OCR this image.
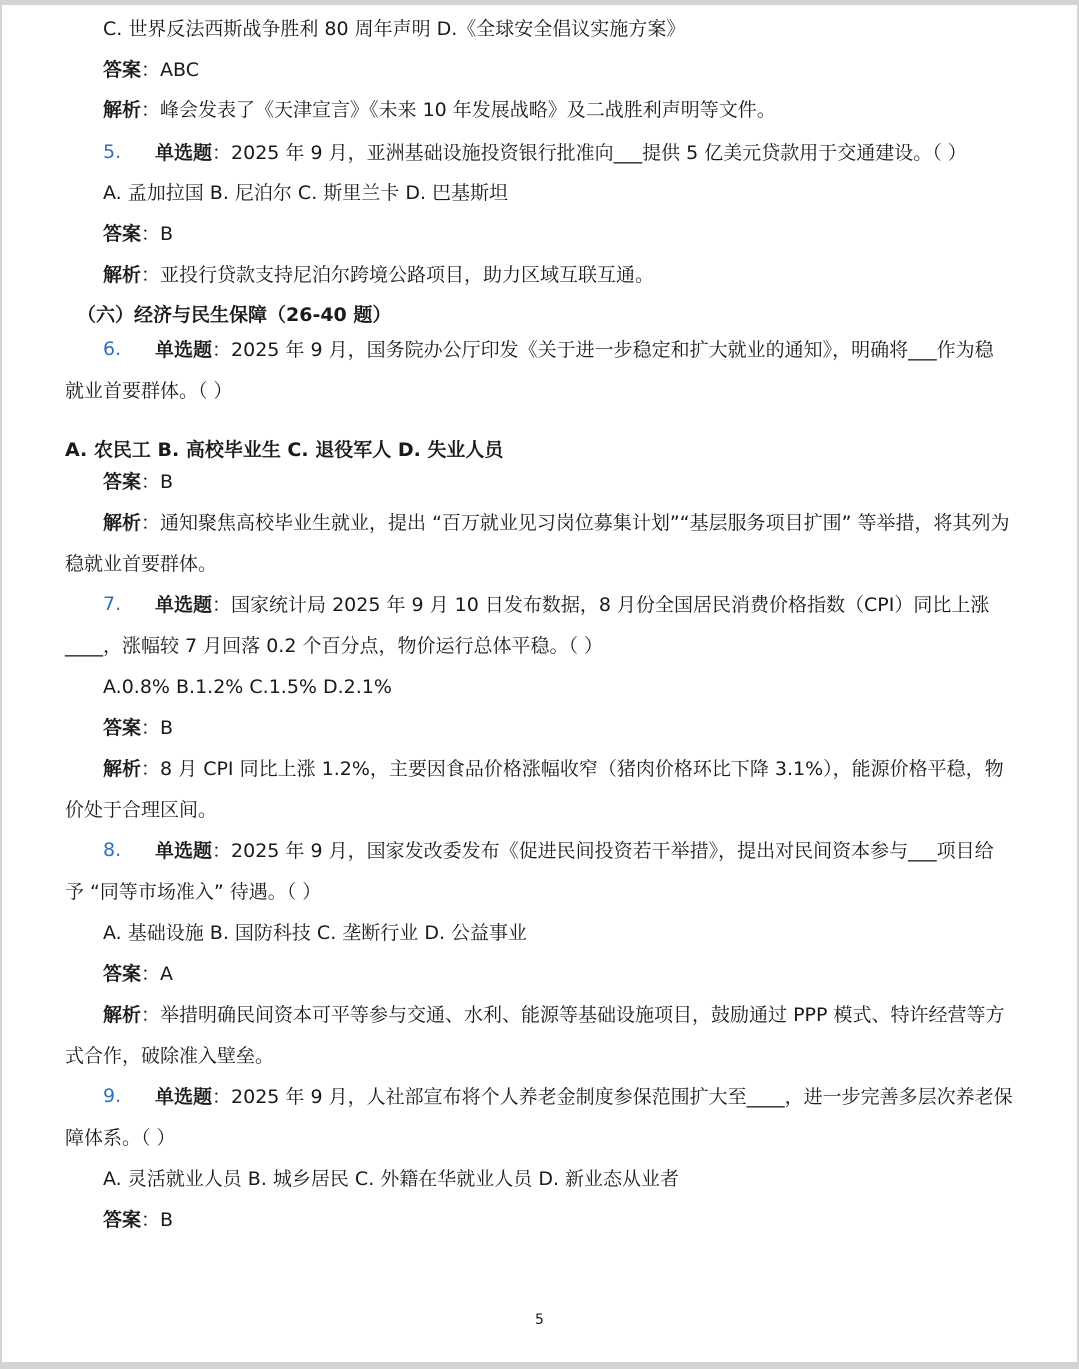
C. 世界反法西斯战争胜利 80 周年声明 D.《全球安全倡议实施方案》
答案：ABC
解析：峰会发表了《天津宣言》《未来 10 年发展战略》及二战胜利声明等文件。
5. 单选题：2025 年 9 月，亚洲基础设施投资银行批准向___提供 5 亿美元贷款用于交通建设。（ ）
A. 孟加拉国 B. 尼泊尔 C. 斯里兰卡 D. 巴基斯坦
答案：B
解析：亚投行贷款支持尼泊尔跨境公路项目，助力区域互联互通。
（六）经济与民生保障（26-40 题）
6. 单选题：2025 年 9 月，国务院办公厅印发《关于进一步稳定和扩大就业的通知》，明确将___作为稳
就业首要群体。（ ）
A. 农民工 B. 高校毕业生 C. 退役军人 D. 失业人员
答案：B
解析：通知聚焦高校毕业生就业，提出 “百万就业见习岗位募集计划”“基层服务项目扩围” 等举措，将其列为
稳就业首要群体。
7. 单选题：国家统计局 2025 年 9 月 10 日发布数据，8 月份全国居民消费价格指数（CPI）同比上涨
____，涨幅较 7 月回落 0.2 个百分点，物价运行总体平稳。（ ）
A.0.8% B.1.2% C.1.5% D.2.1%
答案：B
解析：8 月 CPI 同比上涨 1.2%，主要因食品价格涨幅收窄（猪肉价格环比下降 3.1%），能源价格平稳，物
价处于合理区间。
8. 单选题：2025 年 9 月，国家发改委发布《促进民间投资若干举措》，提出对民间资本参与___项目给
予 “同等市场准入” 待遇。（ ）
A. 基础设施 B. 国防科技 C. 垄断行业 D. 公益事业
答案：A
解析：举措明确民间资本可平等参与交通、水利、能源等基础设施项目，鼓励通过 PPP 模式、特许经营等方
式合作，破除准入壁垒。
9. 单选题：2025 年 9 月，人社部宣布将个人养老金制度参保范围扩大至____，进一步完善多层次养老保
障体系。（ ）
A. 灵活就业人员 B. 城乡居民 C. 外籍在华就业人员 D. 新业态从业者
答案：B
5
